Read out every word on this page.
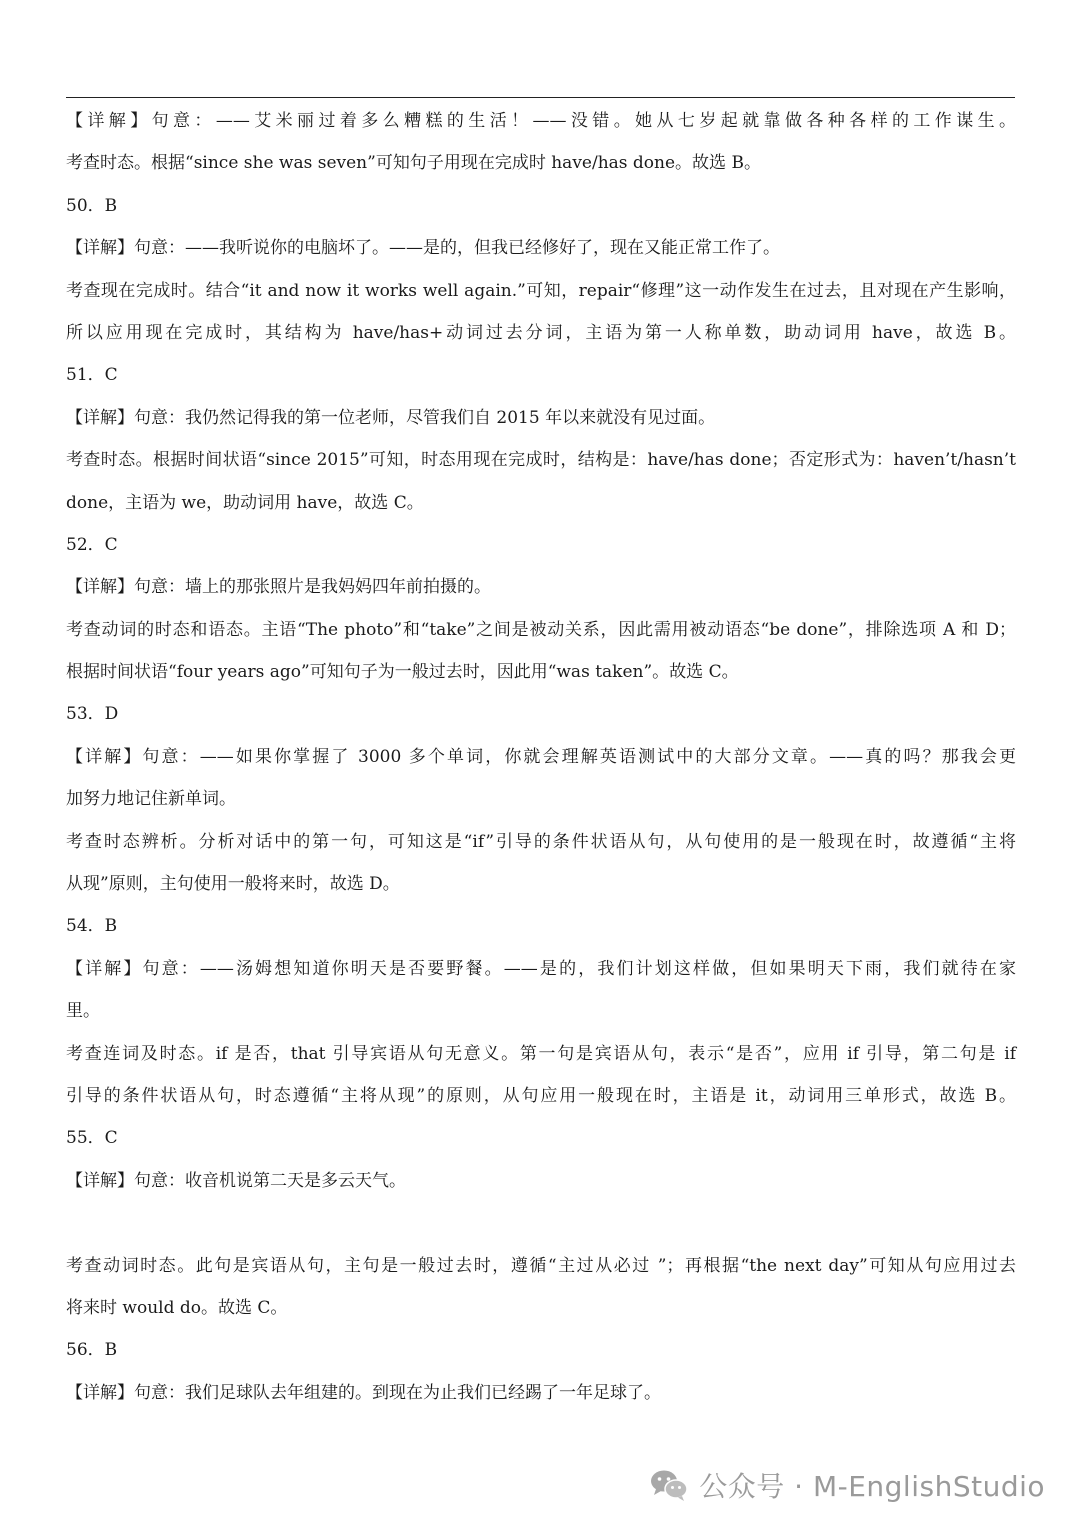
【详解】句意：——艾米丽过着多么糟糕的生活！——没错。她从七岁起就靠做各种各样的工作谋生。
考查时态。根据“since she was seven”可知句子用现在完成时 have/has done。故选 B。
50．B
【详解】句意：——我听说你的电脑坏了。——是的，但我已经修好了，现在又能正常工作了。
考查现在完成时。结合“it and now it works well again.”可知，repair“修理”这一动作发生在过去，且对现在产生影响，
所以应用现在完成时，其结构为 have/has+动词过去分词，主语为第一人称单数，助动词用 have，故选 B。
51．C
【详解】句意：我仍然记得我的第一位老师，尽管我们自 2015 年以来就没有见过面。
考查时态。根据时间状语“since 2015”可知，时态用现在完成时，结构是：have/has done；否定形式为：haven’t/hasn’t
done，主语为 we，助动词用 have，故选 C。
52．C
【详解】句意：墙上的那张照片是我妈妈四年前拍摄的。
考查动词的时态和语态。主语“The photo”和“take”之间是被动关系，因此需用被动语态“be done”，排除选项 A 和 D；
根据时间状语“four years ago”可知句子为一般过去时，因此用“was taken”。故选 C。
53．D
【详解】句意：——如果你掌握了 3000 多个单词，你就会理解英语测试中的大部分文章。——真的吗？那我会更
加努力地记住新单词。
考查时态辨析。分析对话中的第一句，可知这是“if”引导的条件状语从句，从句使用的是一般现在时，故遵循“主将
从现”原则，主句使用一般将来时，故选 D。
54．B
【详解】句意：——汤姆想知道你明天是否要野餐。——是的，我们计划这样做，但如果明天下雨，我们就待在家
里。
考查连词及时态。if 是否，that 引导宾语从句无意义。第一句是宾语从句，表示“是否”，应用 if 引导，第二句是 if
引导的条件状语从句，时态遵循“主将从现”的原则，从句应用一般现在时，主语是 it，动词用三单形式，故选 B。
55．C
【详解】句意：收音机说第二天是多云天气。
考查动词时态。此句是宾语从句，主句是一般过去时，遵循“主过从必过 ”；再根据“the next day”可知从句应用过去
将来时 would do。故选 C。
56．B
【详解】句意：我们足球队去年组建的。到现在为止我们已经踢了一年足球了。
公众号 · M-EnglishStudio
